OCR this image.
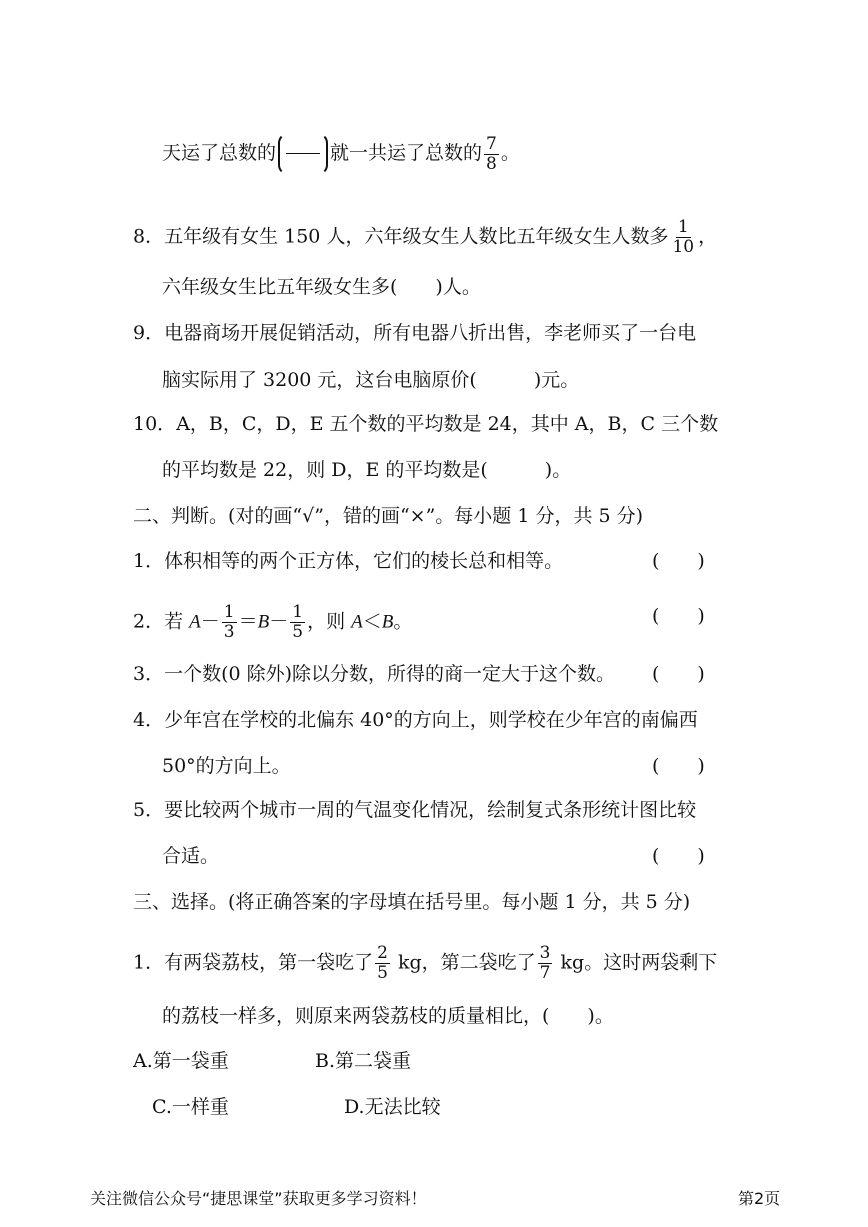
天运了总数的	就一共运了总数的 $\frac{7}{8}$ 。
8．五年级有女生 150 人，六年级女生人数比五年级女生人数多 $\frac{1}{10}$ ，
六年级女生比五年级女生多(　　)人。
9．电器商场开展促销活动，所有电器八折出售，李老师买了一台电
脑实际用了 3200 元，这台电脑原价(　　　)元。
10．A，B，C，D，E 五个数的平均数是 24，其中 A，B，C 三个数
的平均数是 22，则 D，E 的平均数是(　　　)。
二、判断。(对的画“√”，错的画“×”。每小题 1 分，共 5 分)
1．体积相等的两个正方体，它们的棱长总和相等。	(　　)
2．若 $A- \frac{1}{3} =B- \frac{1}{5}$ ，则 A＜B。	(　　)
3．一个数(0 除外)除以分数，所得的商一定大于这个数。 (　　)
4．少年宫在学校的北偏东 40°的方向上，则学校在少年宫的南偏西
50°的方向上。	(　　)
5．要比较两个城市一周的气温变化情况，绘制复式条形统计图比较
合适。	(　　)
三、选择。(将正确答案的字母填在括号里。每小题 1 分，共 5 分)
1．有两袋荔枝，第一袋吃了 $\frac{2}{5}$ kg，第二袋吃了 $\frac{3}{7}$ kg。这时两袋剩下
的荔枝一样多，则原来两袋荔枝的质量相比，(　　)。
A.第一袋重	B.第二袋重
C.一样重	D.无法比较
关注微信公众号“捷思课堂”获取更多学习资料！	第2页
